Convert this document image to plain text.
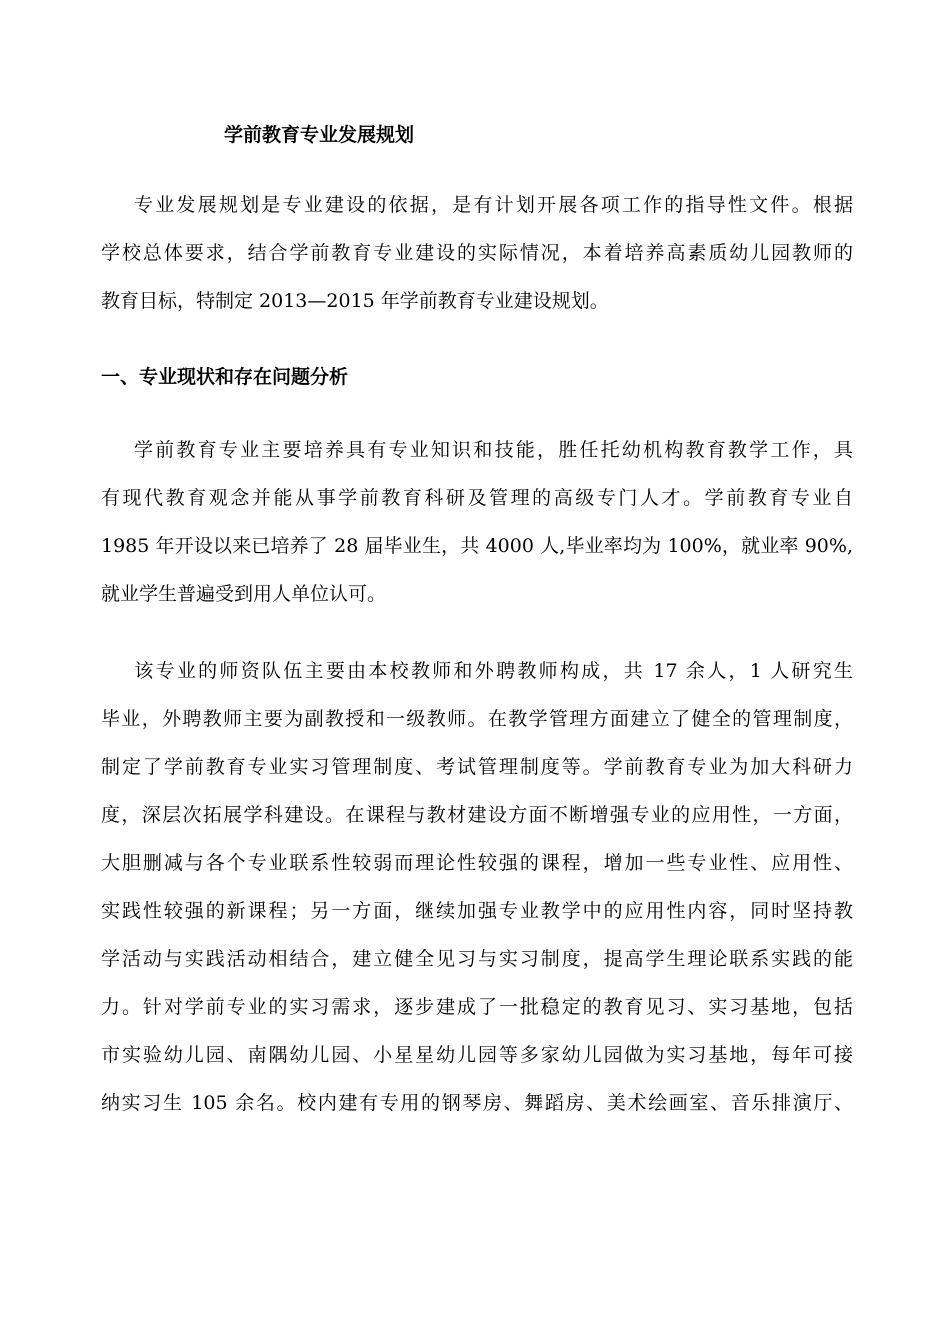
学前教育专业发展规划
专业发展规划是专业建设的依据，是有计划开展各项工作的指导性文件。根据
学校总体要求，结合学前教育专业建设的实际情况，本着培养高素质幼儿园教师的
教育目标，特制定 2013—2015 年学前教育专业建设规划。
一、专业现状和存在问题分析
学前教育专业主要培养具有专业知识和技能，胜任托幼机构教育教学工作，具
有现代教育观念并能从事学前教育科研及管理的高级专门人才。学前教育专业自
1985 年开设以来已培养了 28 届毕业生，共 4000 人,毕业率均为 100%，就业率 90%,
就业学生普遍受到用人单位认可。
该专业的师资队伍主要由本校教师和外聘教师构成，共 17 余人，1 人研究生
毕业，外聘教师主要为副教授和一级教师。在教学管理方面建立了健全的管理制度，
制定了学前教育专业实习管理制度、考试管理制度等。学前教育专业为加大科研力
度，深层次拓展学科建设。在课程与教材建设方面不断增强专业的应用性，一方面，
大胆删减与各个专业联系性较弱而理论性较强的课程，增加一些专业性、应用性、
实践性较强的新课程；另一方面，继续加强专业教学中的应用性内容，同时坚持教
学活动与实践活动相结合，建立健全见习与实习制度，提高学生理论联系实践的能
力。针对学前专业的实习需求，逐步建成了一批稳定的教育见习、实习基地，包括
市实验幼儿园、南隅幼儿园、小星星幼儿园等多家幼儿园做为实习基地，每年可接
纳实习生 105 余名。校内建有专用的钢琴房、舞蹈房、美术绘画室、音乐排演厅、
